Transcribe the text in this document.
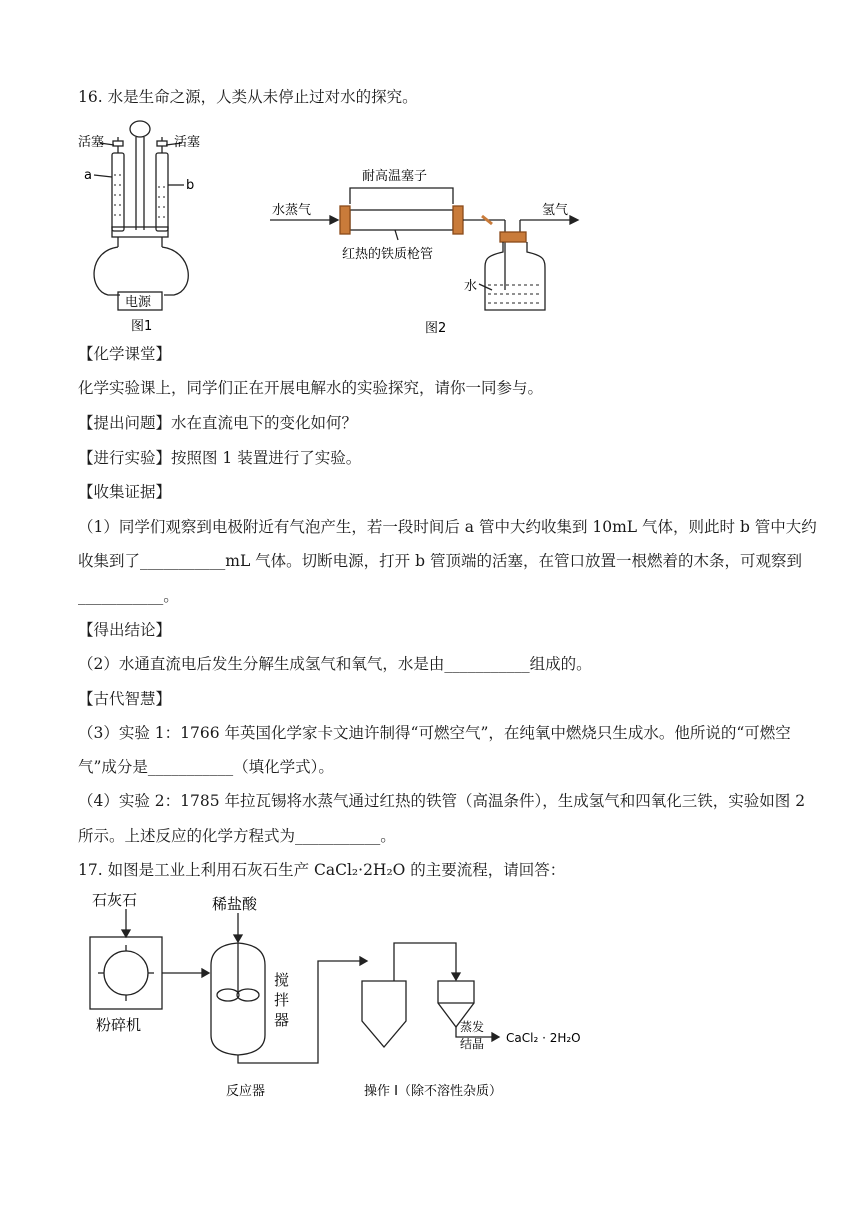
16. 水是生命之源，人类从未停止过对水的探究。
活塞	活塞
a
b
电源
图1
耐高温塞子
水蒸气	氢气
红热的铁质枪管
水
图2
【化学课堂】
化学实验课上，同学们正在开展电解水的实验探究，请你一同参与。
【提出问题】水在直流电下的变化如何？
【进行实验】按照图 1 装置进行了实验。
【收集证据】
（1）同学们观察到电极附近有气泡产生，若一段时间后 a 管中大约收集到 10mL 气体，则此时 b 管中大约
收集到了___________mL 气体。切断电源，打开 b 管顶端的活塞，在管口放置一根燃着的木条，可观察到
___________。
【得出结论】
（2）水通直流电后发生分解生成氢气和氧气，水是由___________组成的。
【古代智慧】
（3）实验 1：1766 年英国化学家卡文迪许制得“可燃空气”，在纯氧中燃烧只生成水。他所说的“可燃空
气”成分是___________（填化学式）。
（4）实验 2：1785 年拉瓦锡将水蒸气通过红热的铁管（高温条件），生成氢气和四氧化三铁，实验如图 2
所示。上述反应的化学方程式为___________。
17. 如图是工业上利用石灰石生产 CaCl₂·2H₂O 的主要流程，请回答：
石灰石
粉碎机
稀盐酸
搅
拌
器	蒸发
结晶 CaCl₂ · 2H₂O
反应器	操作 I（除不溶性杂质）
